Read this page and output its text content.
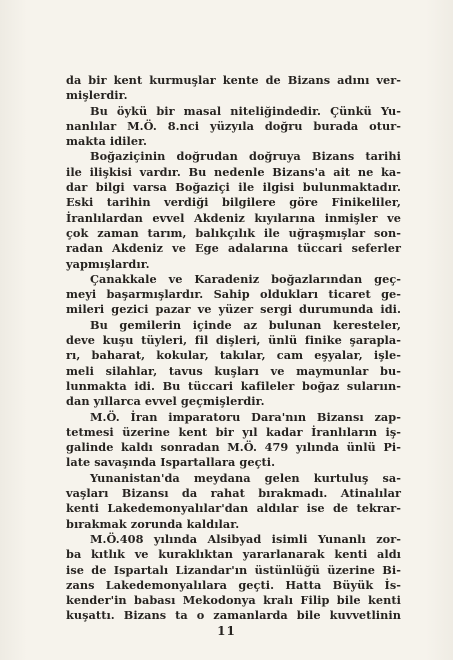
da bir kent kurmuşlar kente de Bizans adını ver-
mişlerdir.
Bu öykü bir masal niteliğindedir. Çünkü Yu-
nanlılar M.Ö. 8.nci yüzyıla doğru burada otur-
makta idiler.
Boğaziçinin doğrudan doğruya Bizans tarihi
ile ilişkisi vardır. Bu nedenle Bizans'a ait ne ka-
dar bilgi varsa Boğaziçi ile ilgisi bulunmaktadır.
Eski tarihin verdiği bilgilere göre Finikeliler,
İranlılardan evvel Akdeniz kıyılarına inmişler ve
çok zaman tarım, balıkçılık ile uğraşmışlar son-
radan Akdeniz ve Ege adalarına tüccari seferler
yapmışlardır.
Çanakkale ve Karadeniz boğazlarından geç-
meyi başarmışlardır. Sahip oldukları ticaret ge-
mileri gezici pazar ve yüzer sergi durumunda idi.
Bu gemilerin içinde az bulunan keresteler,
deve kuşu tüyleri, fil dişleri, ünlü finike şarapla-
rı, baharat, kokular, takılar, cam eşyalar, işle-
meli silahlar, tavus kuşları ve maymunlar bu-
lunmakta idi. Bu tüccari kafileler boğaz sularıın-
dan yıllarca evvel geçmişlerdir.
M.Ö. İran imparatoru Dara'nın Bizansı zap-
tetmesi üzerine kent bir yıl kadar İranlıların iş-
galinde kaldı sonradan M.Ö. 479 yılında ünlü Pi-
late savaşında Ispartallara geçti.
Yunanistan'da meydana gelen kurtuluş sa-
vaşları Bizansı da rahat bırakmadı. Atinalılar
kenti Lakedemonyalılar'dan aldılar ise de tekrar-
bırakmak zorunda kaldılar.
M.Ö.408 yılında Alsibyad isimli Yunanlı zor-
ba kıtlık ve kuraklıktan yararlanarak kenti aldı
ise de Ispartalı Lizandar'ın üstünlüğü üzerine Bi-
zans Lakedemonyalılara geçti. Hatta Büyük İs-
kender'in babası Mekodonya kralı Filip bile kenti
kuşattı. Bizans ta o zamanlarda bile kuvvetlinin
11
